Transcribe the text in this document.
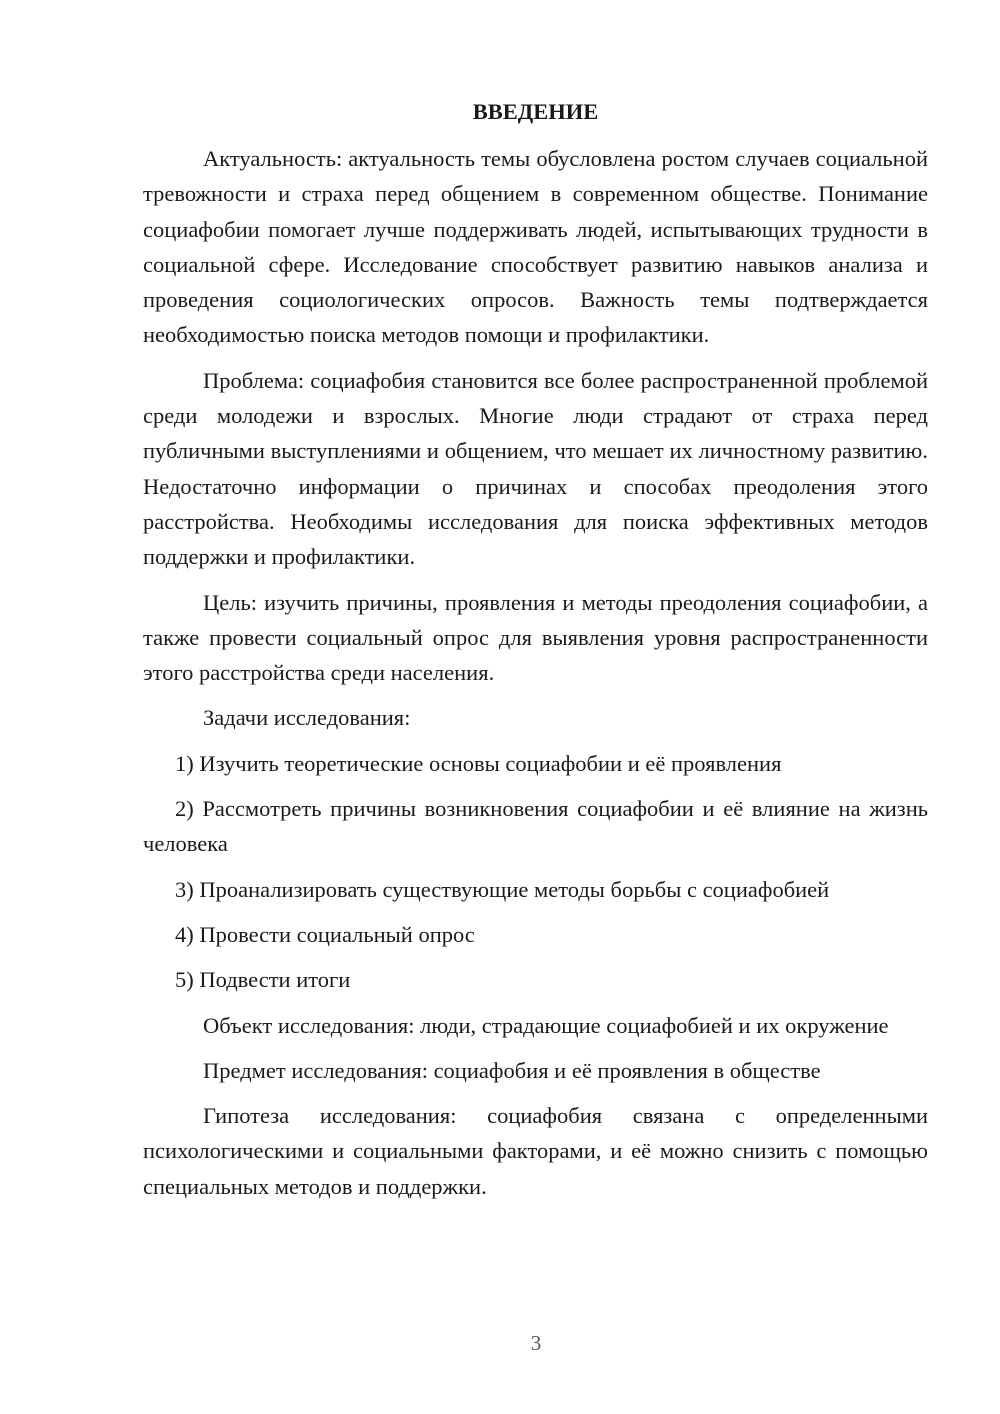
ВВЕДЕНИЕ

Актуальность: актуальность темы обусловлена ростом случаев социальной тревожности и страха перед общением в современном обществе. Понимание социафобии помогает лучше поддерживать людей, испытывающих трудности в социальной сфере. Исследование способствует развитию навыков анализа и проведения социологических опросов. Важность темы подтверждается необходимостью поиска методов помощи и профилактики.

Проблема: социафобия становится все более распространенной проблемой среди молодежи и взрослых. Многие люди страдают от страха перед публичными выступлениями и общением, что мешает их личностному развитию. Недостаточно информации о причинах и способах преодоления этого расстройства. Необходимы исследования для поиска эффективных методов поддержки и профилактики.

Цель: изучить причины, проявления и методы преодоления социафобии, а также провести социальный опрос для выявления уровня распространенности этого расстройства среди населения.

Задачи исследования:

1) Изучить теоретические основы социафобии и её проявления

2) Рассмотреть причины возникновения социафобии и её влияние на жизнь человека

3) Проанализировать существующие методы борьбы с социафобией

4) Провести социальный опрос

5) Подвести итоги

Объект исследования: люди, страдающие социафобией и их окружение

Предмет исследования: социафобия и её проявления в обществе

Гипотеза исследования: социафобия связана с определенными психологическими и социальными факторами, и её можно снизить с помощью специальных методов и поддержки.

3
